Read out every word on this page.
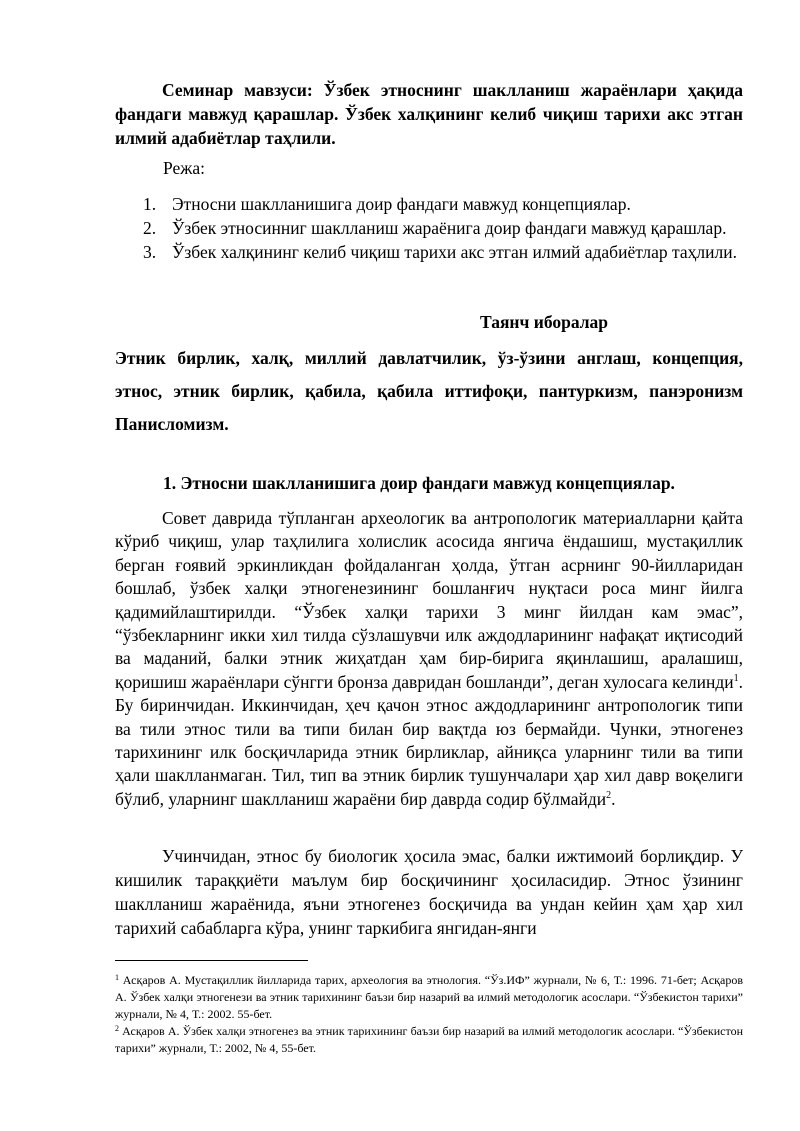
Семинар мавзуси: Ўзбек этноснинг шаклланиш жараёнлари ҳақида фандаги мавжуд қарашлар. Ўзбек халқининг келиб чиқиш тарихи акс этган илмий адабиётлар таҳлили.
Режа:
1. Этносни шаклланишига доир фандаги мавжуд концепциялар.
2. Ўзбек этносинниг шаклланиш жараёнига доир фандаги мавжуд қарашлар.
3. Ўзбек халқининг келиб чиқиш тарихи акс этган илмий адабиётлар таҳлили.
Таянч иборалар
Этник бирлик, халқ, миллий давлатчилик, ўз-ўзини англаш, концепция, этнос, этник бирлик, қабила, қабила иттифоқи, пантуркизм, панэронизм Панисломизм.
1. Этносни шаклланишига доир фандаги мавжуд концепциялар.
Совет даврида тўпланган археологик ва антропологик материалларни қайта кўриб чиқиш, улар таҳлилига холислик асосида янгича ёндашиш, мустақиллик берган ғоявий эркинликдан фойдаланган ҳолда, ўтган асрнинг 90-йилларидан бошлаб, ўзбек халқи этногенезининг бошланғич нуқтаси роса минг йилга қадимийлаштирилди. “Ўзбек халқи тарихи 3 минг йилдан кам эмас”, “ўзбекларнинг икки хил тилда сўзлашувчи илк аждодларининг нафақат иқтисодий ва маданий, балки этник жиҳатдан ҳам бир-бирига яқинлашиш, аралашиш, қоришиш жараёнлари сўнгги бронза давридан бошланди”, деган хулосага келинди$^1$. Бу биринчидан. Иккинчидан, ҳеч қачон этнос аждодларининг антропологик типи ва тили этнос тили ва типи билан бир вақтда юз бермайди. Чунки, этногенез тарихининг илк босқичларида этник бирликлар, айниқса уларнинг тили ва типи ҳали шаклланмаган. Тил, тип ва этник бирлик тушунчалари ҳар хил давр воқелиги бўлиб, уларнинг шаклланиш жараёни бир даврда содир бўлмайди$^2$.
Учинчидан, этнос бу биологик ҳосила эмас, балки ижтимоий борлиқдир. У кишилик тараққиёти маълум бир босқичининг ҳосиласидир. Этнос ўзининг шаклланиш жараёнида, яъни этногенез босқичида ва ундан кейин ҳам ҳар хил тарихий сабабларга кўра, унинг таркибига янгидан-янги

$^1$ Асқаров А. Мустақиллик йилларида тарих, археология ва этнология. “Ўз.ИФ” журнали, № 6, Т.: 1996. 71-бет; Асқаров А. Ўзбек халқи этногенези ва этник тарихининг баъзи бир назарий ва илмий методологик асослари. “Ўзбекистон тарихи” журнали, № 4, Т.: 2002. 55-бет.

$^2$ Асқаров А. Ўзбек халқи этногенез ва этник тарихининг баъзи бир назарий ва илмий методологик асослари. “Ўзбекистон тарихи” журнали, Т.: 2002, № 4, 55-бет.
